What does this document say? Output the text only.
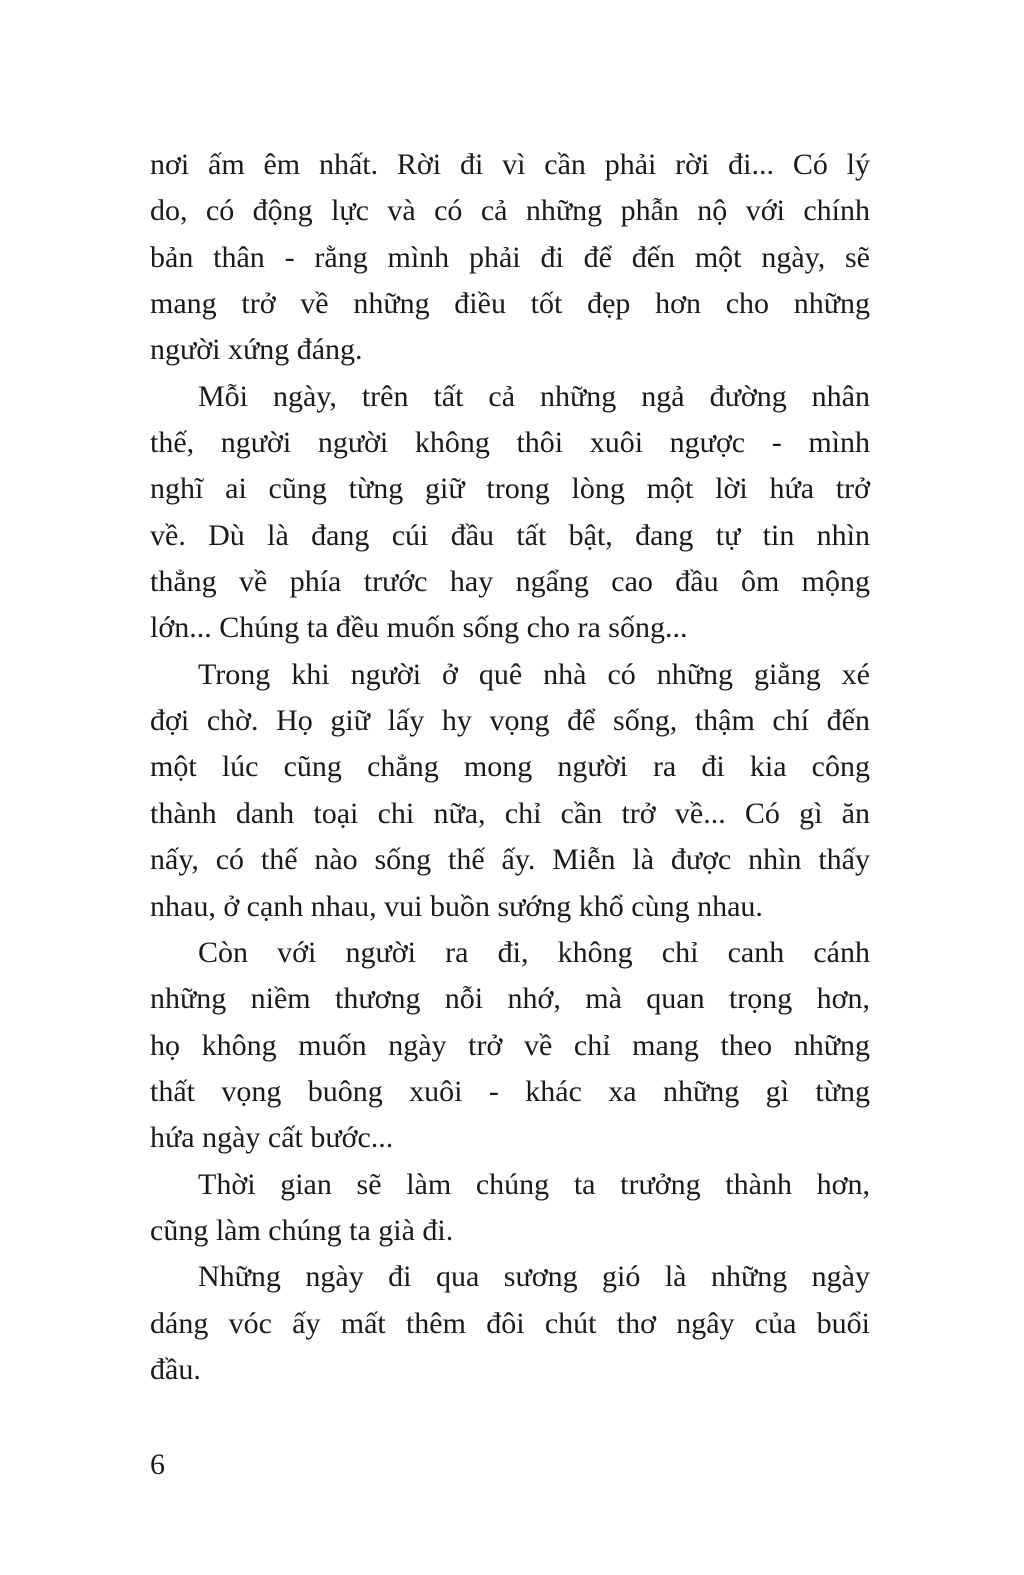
nơi ấm êm nhất. Rời đi vì cần phải rời đi... Có lý
do, có động lực và có cả những phẫn nộ với chính
bản thân - rằng mình phải đi để đến một ngày, sẽ
mang trở về những điều tốt đẹp hơn cho những
người xứng đáng.
Mỗi ngày, trên tất cả những ngả đường nhân
thế, người người không thôi xuôi ngược - mình
nghĩ ai cũng từng giữ trong lòng một lời hứa trở
về. Dù là đang cúi đầu tất bật, đang tự tin nhìn
thẳng về phía trước hay ngẩng cao đầu ôm mộng
lớn... Chúng ta đều muốn sống cho ra sống...
Trong khi người ở quê nhà có những giằng xé
đợi chờ. Họ giữ lấy hy vọng để sống, thậm chí đến
một lúc cũng chẳng mong người ra đi kia công
thành danh toại chi nữa, chỉ cần trở về... Có gì ăn
nấy, có thế nào sống thế ấy. Miễn là được nhìn thấy
nhau, ở cạnh nhau, vui buồn sướng khổ cùng nhau.
Còn với người ra đi, không chỉ canh cánh
những niềm thương nỗi nhớ, mà quan trọng hơn,
họ không muốn ngày trở về chỉ mang theo những
thất vọng buông xuôi - khác xa những gì từng
hứa ngày cất bước...
Thời gian sẽ làm chúng ta trưởng thành hơn,
cũng làm chúng ta già đi.
Những ngày đi qua sương gió là những ngày
dáng vóc ấy mất thêm đôi chút thơ ngây của buổi
đầu.
6
